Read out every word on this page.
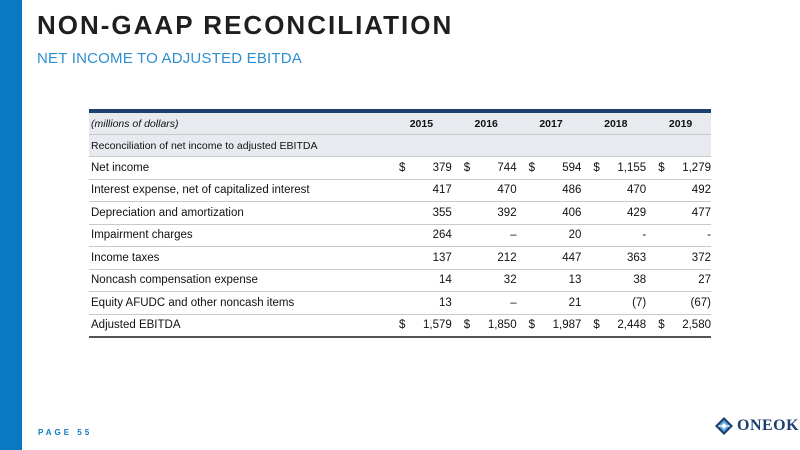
NON-GAAP RECONCILIATION
NET INCOME TO ADJUSTED EBITDA
(millions of dollars)	2015	2016	2017	2018	2019
Reconciliation of net income to adjusted EBITDA
Net income	$ 379 $ 744 $ 594 $ 1,155 $ 1,279
Interest expense, net of capitalized interest	417	470	486	470	492
Depreciation and amortization	355	392	406	429	477
Impairment charges	264	–	20	-	-
Income taxes	137	212	447	363	372
Noncash compensation expense	14	32	13	38	27
Equity AFUDC and other noncash items	13	–	21	(7)	(67)
Adjusted EBITDA	$ 1,579 $ 1,850 $ 1,987 $ 2,448 $ 2,580
PAGE 55	ONEOK
